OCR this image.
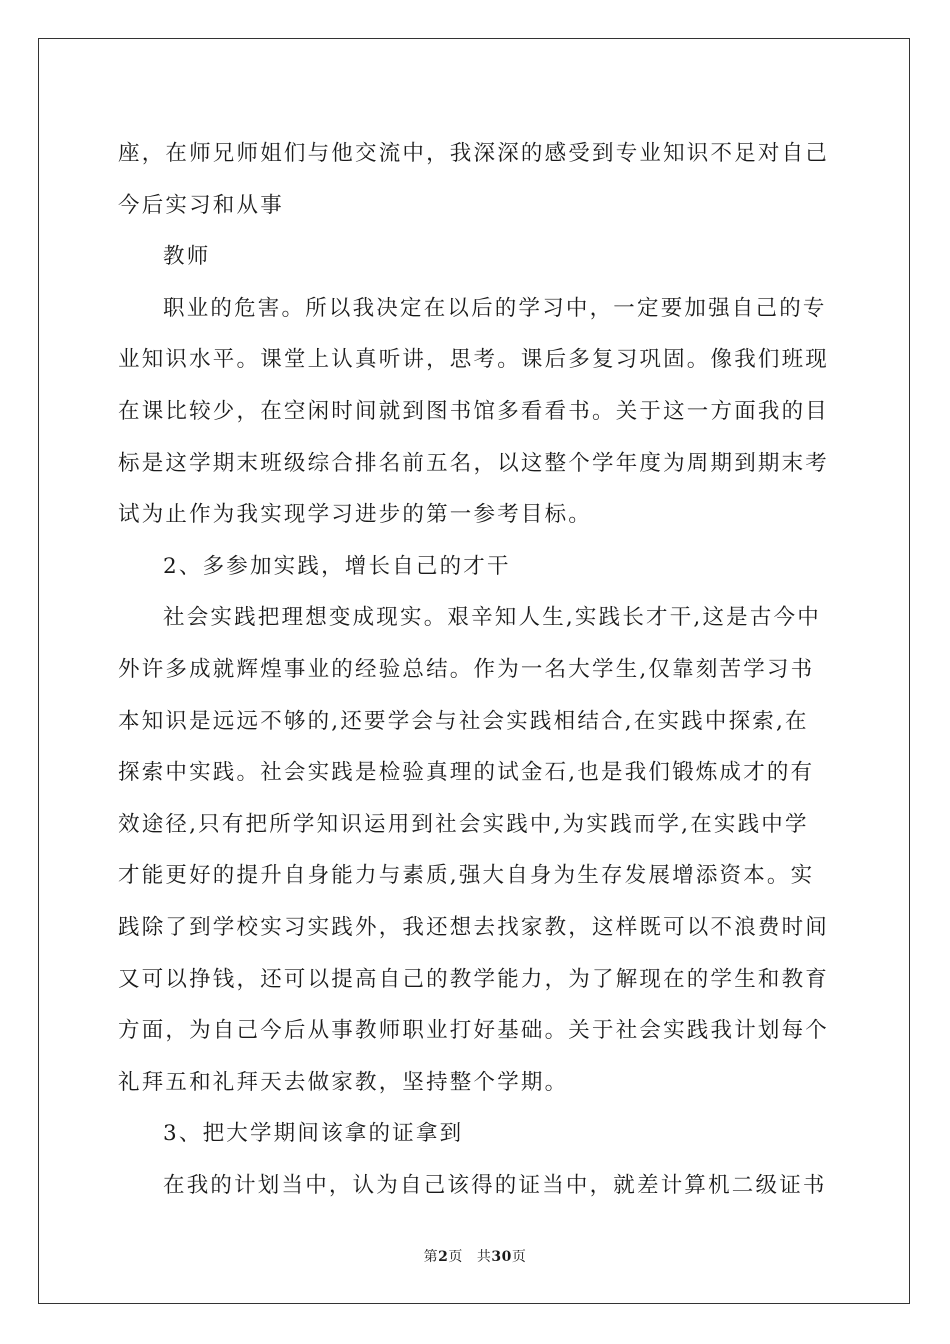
座，在师兄师姐们与他交流中，我深深的感受到专业知识不足对自己
今后实习和从事
教师
职业的危害。所以我决定在以后的学习中，一定要加强自己的专
业知识水平。课堂上认真听讲，思考。课后多复习巩固。像我们班现
在课比较少，在空闲时间就到图书馆多看看书。关于这一方面我的目
标是这学期末班级综合排名前五名，以这整个学年度为周期到期末考
试为止作为我实现学习进步的第一参考目标。
2、多参加实践，增长自己的才干
社会实践把理想变成现实。艰辛知人生,实践长才干,这是古今中
外许多成就辉煌事业的经验总结。作为一名大学生,仅靠刻苦学习书
本知识是远远不够的,还要学会与社会实践相结合,在实践中探索,在
探索中实践。社会实践是检验真理的试金石,也是我们锻炼成才的有
效途径,只有把所学知识运用到社会实践中,为实践而学,在实践中学
才能更好的提升自身能力与素质,强大自身为生存发展增添资本。实
践除了到学校实习实践外，我还想去找家教，这样既可以不浪费时间
又可以挣钱，还可以提高自己的教学能力，为了解现在的学生和教育
方面，为自己今后从事教师职业打好基础。关于社会实践我计划每个
礼拜五和礼拜天去做家教，坚持整个学期。
3、把大学期间该拿的证拿到
在我的计划当中，认为自己该得的证当中，就差计算机二级证书
第2页 共30页
